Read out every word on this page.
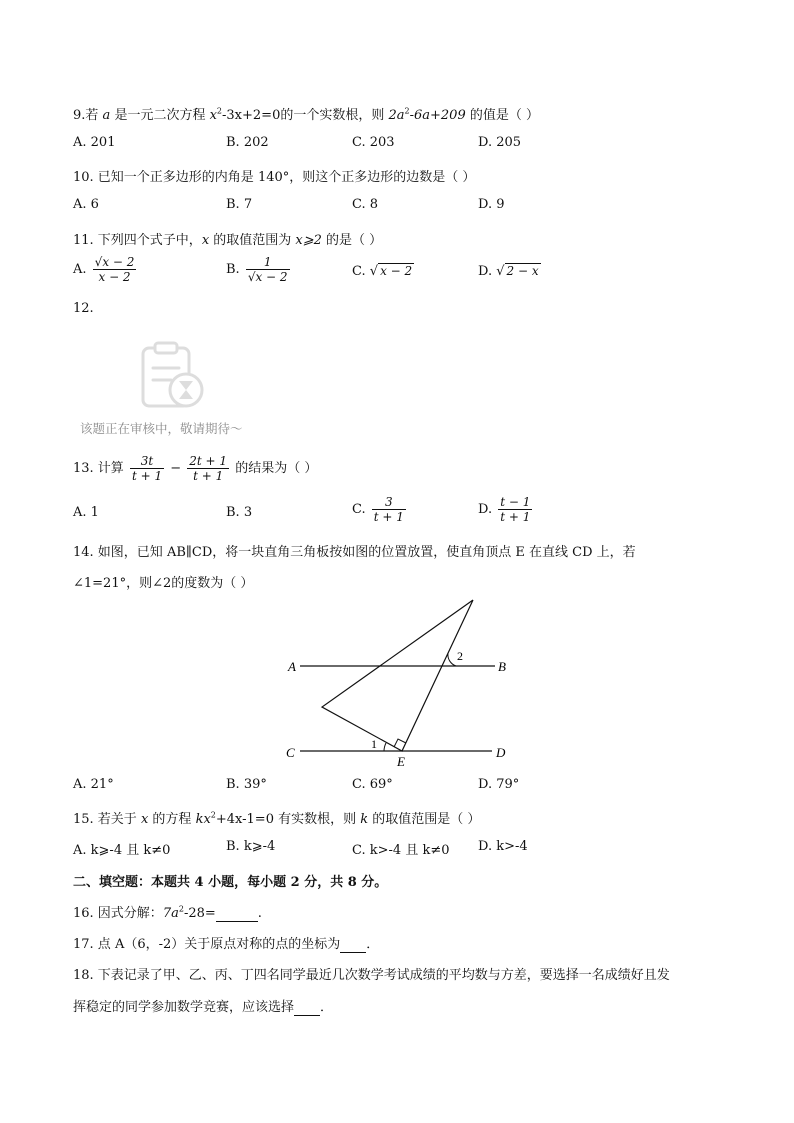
9.若 a 是一元二次方程 $x^2-3x+2=0$的一个实数根，则 $2a^2-6a+209$ 的值是（ ）
A. 201	B. 202	C. 203	D. 205
10. 已知一个正多边形的内角是 140°，则这个正多边形的边数是（ ）
A. 6	B. 7	C. 8	D. 9
11. 下列四个式子中，x 的取值范围为 x⩾2 的是（ ）
A. $\frac{√x - 2}{x - 2}$	B. $\frac{1}{√x - 2}$	C. √ x − 2	D. √ 2 − x
12.
该题正在审核中，敬请期待～
13. 计算 $\frac{3t}{t + 1} - \frac{2t + 1}{t + 1}$ 的结果为（ ）
A. 1	B. 3	C. $\frac{3}{t + 1}$	D. $\frac{t - 1}{t + 1}$
14. 如图，已知 AB∥CD，将一块直角三角板按如图的位置放置，使直角顶点 E 在直线 CD 上，若
∠1=21°，则∠2的度数为（ ）
A	B
C	D
E
1
2
A. 21°	B. 39°	C. 69°	D. 79°
15. 若关于 x 的方程 $kx^2+4x-1=0$ 有实数根，则 k 的取值范围是（ ）
A. k⩾-4 且 k≠0	B. k⩾-4	C. k>-4 且 k≠0 D. k>-4
二、填空题：本题共 4 小题，每小题 2 分，共 8 分。
16. 因式分解：$7a^2-28=$	.
17. 点 A（6，-2）关于原点对称的点的坐标为 ．
18. 下表记录了甲、乙、丙、丁四名同学最近几次数学考试成绩的平均数与方差，要选择一名成绩好且发
挥稳定的同学参加数学竞赛，应该选择 ．
